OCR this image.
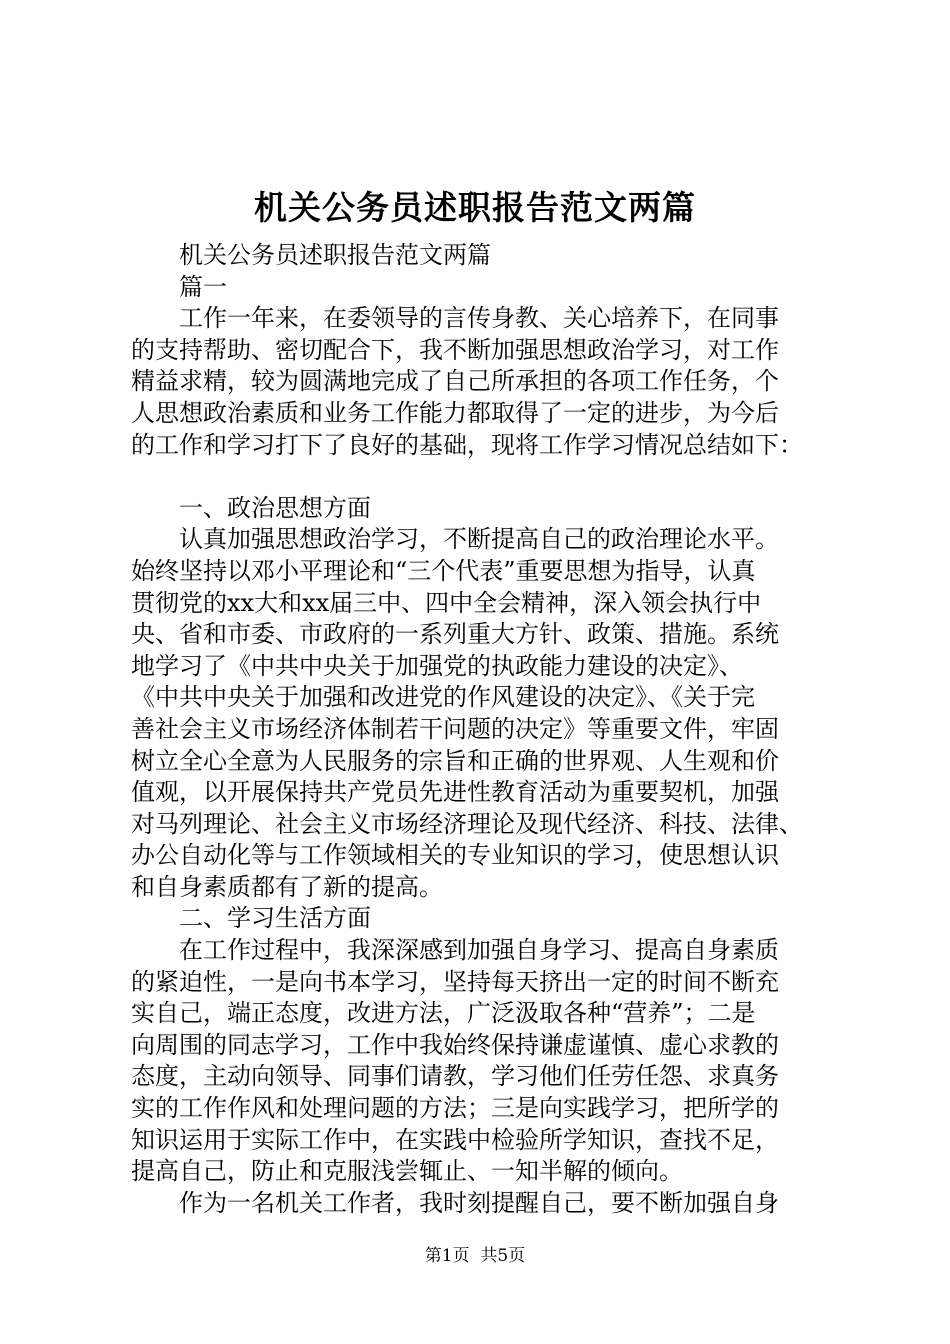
机关公务员述职报告范文两篇
机关公务员述职报告范文两篇
篇一
工作一年来，在委领导的言传身教、关心培养下，在同事
的支持帮助、密切配合下，我不断加强思想政治学习，对工作
精益求精，较为圆满地完成了自己所承担的各项工作任务，个
人思想政治素质和业务工作能力都取得了一定的进步，为今后
的工作和学习打下了良好的基础，现将工作学习情况总结如下：
一、政治思想方面
认真加强思想政治学习，不断提高自己的政治理论水平。
始终坚持以邓小平理论和“三个代表”重要思想为指导，认真
贯彻党的xx大和xx届三中、四中全会精神，深入领会执行中
央、省和市委、市政府的一系列重大方针、政策、措施。系统
地学习了《中共中央关于加强党的执政能力建设的决定》、
《中共中央关于加强和改进党的作风建设的决定》、《关于完
善社会主义市场经济体制若干问题的决定》等重要文件，牢固
树立全心全意为人民服务的宗旨和正确的世界观、人生观和价
值观，以开展保持共产党员先进性教育活动为重要契机，加强
对马列理论、社会主义市场经济理论及现代经济、科技、法律、
办公自动化等与工作领域相关的专业知识的学习，使思想认识
和自身素质都有了新的提高。
二、学习生活方面
在工作过程中，我深深感到加强自身学习、提高自身素质
的紧迫性，一是向书本学习，坚持每天挤出一定的时间不断充
实自己，端正态度，改进方法，广泛汲取各种“营养”；二是
向周围的同志学习，工作中我始终保持谦虚谨慎、虚心求教的
态度，主动向领导、同事们请教，学习他们任劳任怨、求真务
实的工作作风和处理问题的方法；三是向实践学习，把所学的
知识运用于实际工作中，在实践中检验所学知识，查找不足，
提高自己，防止和克服浅尝辄止、一知半解的倾向。
作为一名机关工作者，我时刻提醒自己，要不断加强自身
第1页  共5页
